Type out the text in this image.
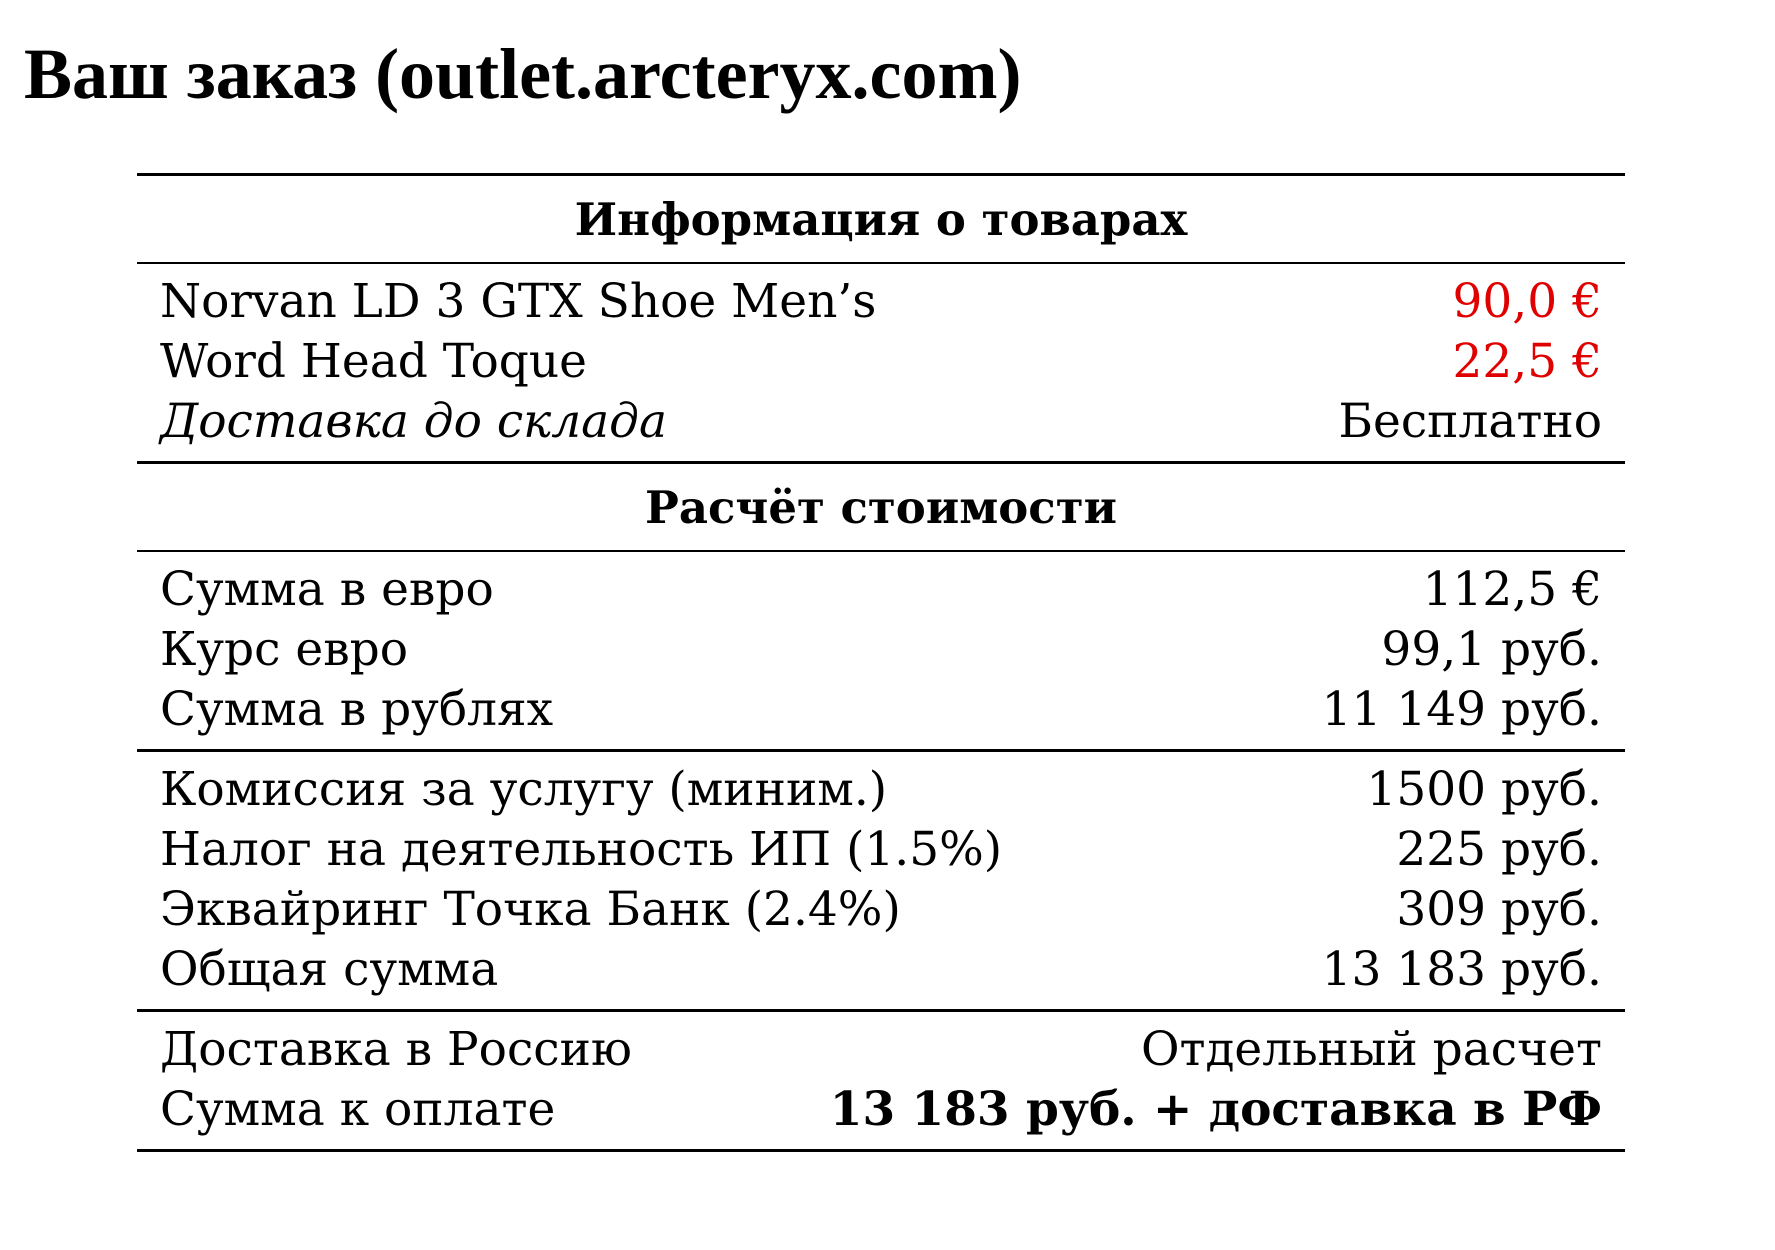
Ваш заказ (outlet.arcteryx.com)
Информация о товарах
Norvan LD 3 GTX Shoe Men’s	90,0 €
Word Head Toque	22,5 €
Доставка до склада	Бесплатно
Расчёт стоимости
Сумма в евро	112,5 €
Курс евро	99,1 руб.
Сумма в рублях	11 149 руб.
Комиссия за услугу (миним.)	1500 руб.
Налог на деятельность ИП (1.5%)	225 руб.
Эквайринг Точка Банк (2.4%)	309 руб.
Общая сумма	13 183 руб.
Доставка в Россию	Отдельный расчет
Сумма к оплате	13 183 руб. + доставка в РФ
